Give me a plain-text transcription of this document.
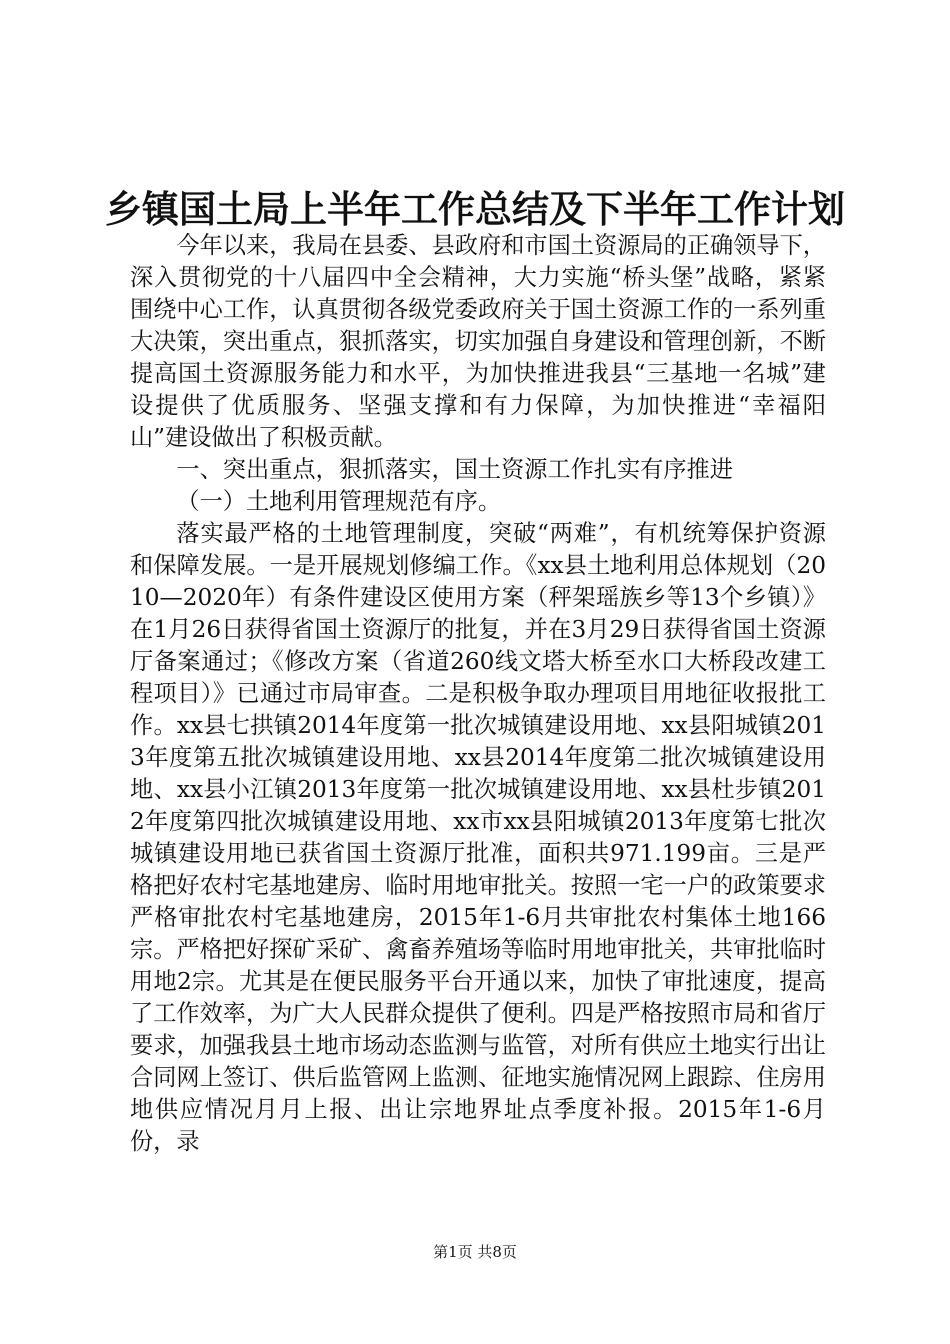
乡镇国土局上半年工作总结及下半年工作计划

今年以来，我局在县委、县政府和市国土资源局的正确领导下，深入贯彻党的十八届四中全会精神，大力实施“桥头堡”战略，紧紧围绕中心工作，认真贯彻各级党委政府关于国土资源工作的一系列重大决策，突出重点，狠抓落实，切实加强自身建设和管理创新，不断提高国土资源服务能力和水平，为加快推进我县“三基地一名城”建设提供了优质服务、坚强支撑和有力保障，为加快推进“幸福阳山”建设做出了积极贡献。

一、突出重点，狠抓落实，国土资源工作扎实有序推进

（一）土地利用管理规范有序。

落实最严格的土地管理制度，突破“两难”，有机统筹保护资源和保障发展。一是开展规划修编工作。《xx县土地利用总体规划（2010—2020年）有条件建设区使用方案（秤架瑶族乡等13个乡镇）》在1月26日获得省国土资源厅的批复，并在3月29日获得省国土资源厅备案通过；《修改方案（省道260线文塔大桥至水口大桥段改建工程项目）》已通过市局审查。二是积极争取办理项目用地征收报批工作。xx县七拱镇2014年度第一批次城镇建设用地、xx县阳城镇2013年度第五批次城镇建设用地、xx县2014年度第二批次城镇建设用地、xx县小江镇2013年度第一批次城镇建设用地、xx县杜步镇2012年度第四批次城镇建设用地、xx市xx县阳城镇2013年度第七批次城镇建设用地已获省国土资源厅批准，面积共971.199亩。三是严格把好农村宅基地建房、临时用地审批关。按照一宅一户的政策要求严格审批农村宅基地建房，2015年1-6月共审批农村集体土地166宗。严格把好探矿采矿、禽畜养殖场等临时用地审批关，共审批临时用地2宗。尤其是在便民服务平台开通以来，加快了审批速度，提高了工作效率，为广大人民群众提供了便利。四是严格按照市局和省厅要求，加强我县土地市场动态监测与监管，对所有供应土地实行出让合同网上签订、供后监管网上监测、征地实施情况网上跟踪、住房用地供应情况月月上报、出让宗地界址点季度补报。2015年1-6月份，录

第1页 共8页
